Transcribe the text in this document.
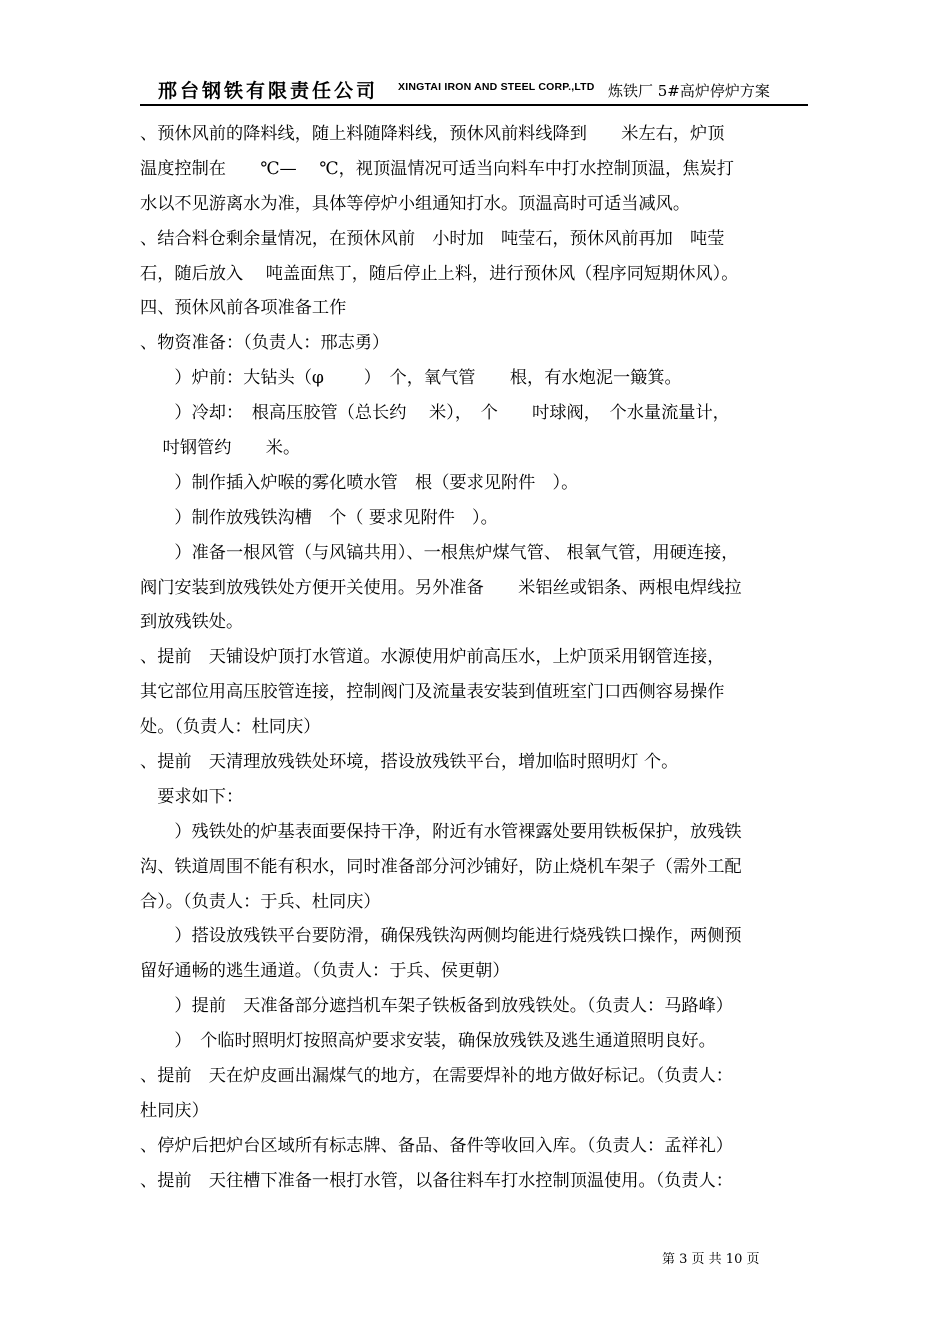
邢台钢铁有限责任公司 XINGTAI IRON AND STEEL CORP.,LTD 炼铁厂 5#高炉停炉方案
、预休风前的降料线，随上料随降料线，预休风前料线降到　　米左右，炉顶
温度控制在　　℃—　 ℃，视顶温情况可适当向料车中打水控制顶温，焦炭打
水以不见游离水为准，具体等停炉小组通知打水。顶温高时可适当减风。
、结合料仓剩余量情况，在预休风前　小时加　吨莹石，预休风前再加　吨莹
石，随后放入　 吨盖面焦丁，随后停止上料，进行预休风（程序同短期休风）。
四、预休风前各项准备工作
、物资准备：（负责人：邢志勇）
　　）炉前：大钻头（φ　　 ）　个，氧气管　　根，有水炮泥一簸箕。
　　）冷却：　根高压胶管（总长约　 米），　个　　吋球阀，　个水量流量计，
　 吋钢管约　　米。
　　）制作插入炉喉的雾化喷水管　根（要求见附件　）。
　　）制作放残铁沟槽　个（ 要求见附件　）。
　　）准备一根风管（与风镐共用）、一根焦炉煤气管、 根氧气管，用硬连接，
阀门安装到放残铁处方便开关使用。另外准备　　米铝丝或铝条、两根电焊线拉
到放残铁处。
、提前　天铺设炉顶打水管道。水源使用炉前高压水，上炉顶采用钢管连接，
其它部位用高压胶管连接，控制阀门及流量表安装到值班室门口西侧容易操作
处。（负责人：杜同庆）
、提前　天清理放残铁处环境，搭设放残铁平台，增加临时照明灯 个。
　要求如下：
　　）残铁处的炉基表面要保持干净，附近有水管裸露处要用铁板保护，放残铁
沟、铁道周围不能有积水，同时准备部分河沙铺好，防止烧机车架子（需外工配
合）。（负责人：于兵、杜同庆）
　　）搭设放残铁平台要防滑，确保残铁沟两侧均能进行烧残铁口操作，两侧预
留好通畅的逃生通道。（负责人：于兵、侯更朝）
　　）提前　天准备部分遮挡机车架子铁板备到放残铁处。（负责人：马路峰）
　　）　个临时照明灯按照高炉要求安装，确保放残铁及逃生通道照明良好。
、提前　天在炉皮画出漏煤气的地方，在需要焊补的地方做好标记。（负责人：
杜同庆）
、停炉后把炉台区域所有标志牌、备品、备件等收回入库。（负责人：孟祥礼）
、提前　天往槽下准备一根打水管，以备往料车打水控制顶温使用。（负责人：
第 3 页 共 10 页
